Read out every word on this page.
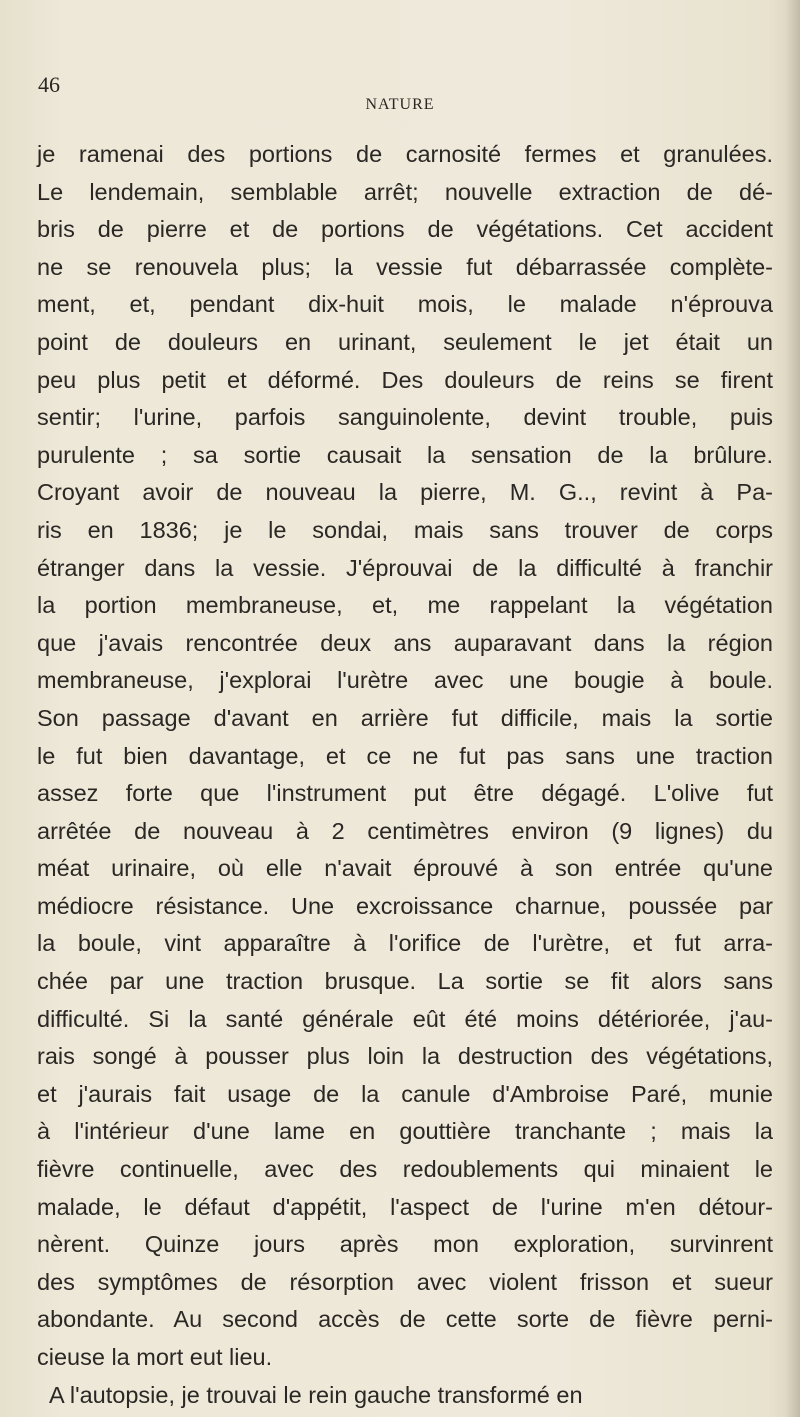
46
NATURE
je ramenai des portions de carnosité fermes et granulées.
Le lendemain, semblable arrêt; nouvelle extraction de dé-
bris de pierre et de portions de végétations. Cet accident
ne se renouvela plus; la vessie fut débarrassée complète-
ment, et, pendant dix-huit mois, le malade n'éprouva
point de douleurs en urinant, seulement le jet était un
peu plus petit et déformé. Des douleurs de reins se firent
sentir; l'urine, parfois sanguinolente, devint trouble, puis
purulente ; sa sortie causait la sensation de la brûlure.
Croyant avoir de nouveau la pierre, M. G.., revint à Pa-
ris en 1836; je le sondai, mais sans trouver de corps
étranger dans la vessie. J'éprouvai de la difficulté à franchir
la portion membraneuse, et, me rappelant la végétation
que j'avais rencontrée deux ans auparavant dans la région
membraneuse, j'explorai l'urètre avec une bougie à boule.
Son passage d'avant en arrière fut difficile, mais la sortie
le fut bien davantage, et ce ne fut pas sans une traction
assez forte que l'instrument put être dégagé. L'olive fut
arrêtée de nouveau à 2 centimètres environ (9 lignes) du
méat urinaire, où elle n'avait éprouvé à son entrée qu'une
médiocre résistance. Une excroissance charnue, poussée par
la boule, vint apparaître à l'orifice de l'urètre, et fut arra-
chée par une traction brusque. La sortie se fit alors sans
difficulté. Si la santé générale eût été moins détériorée, j'au-
rais songé à pousser plus loin la destruction des végétations,
et j'aurais fait usage de la canule d'Ambroise Paré, munie
à l'intérieur d'une lame en gouttière tranchante ; mais la
fièvre continuelle, avec des redoublements qui minaient le
malade, le défaut d'appétit, l'aspect de l'urine m'en détour-
nèrent. Quinze jours après mon exploration, survinrent
des symptômes de résorption avec violent frisson et sueur
abondante. Au second accès de cette sorte de fièvre perni-
cieuse la mort eut lieu.
A l'autopsie, je trouvai le rein gauche transformé en
